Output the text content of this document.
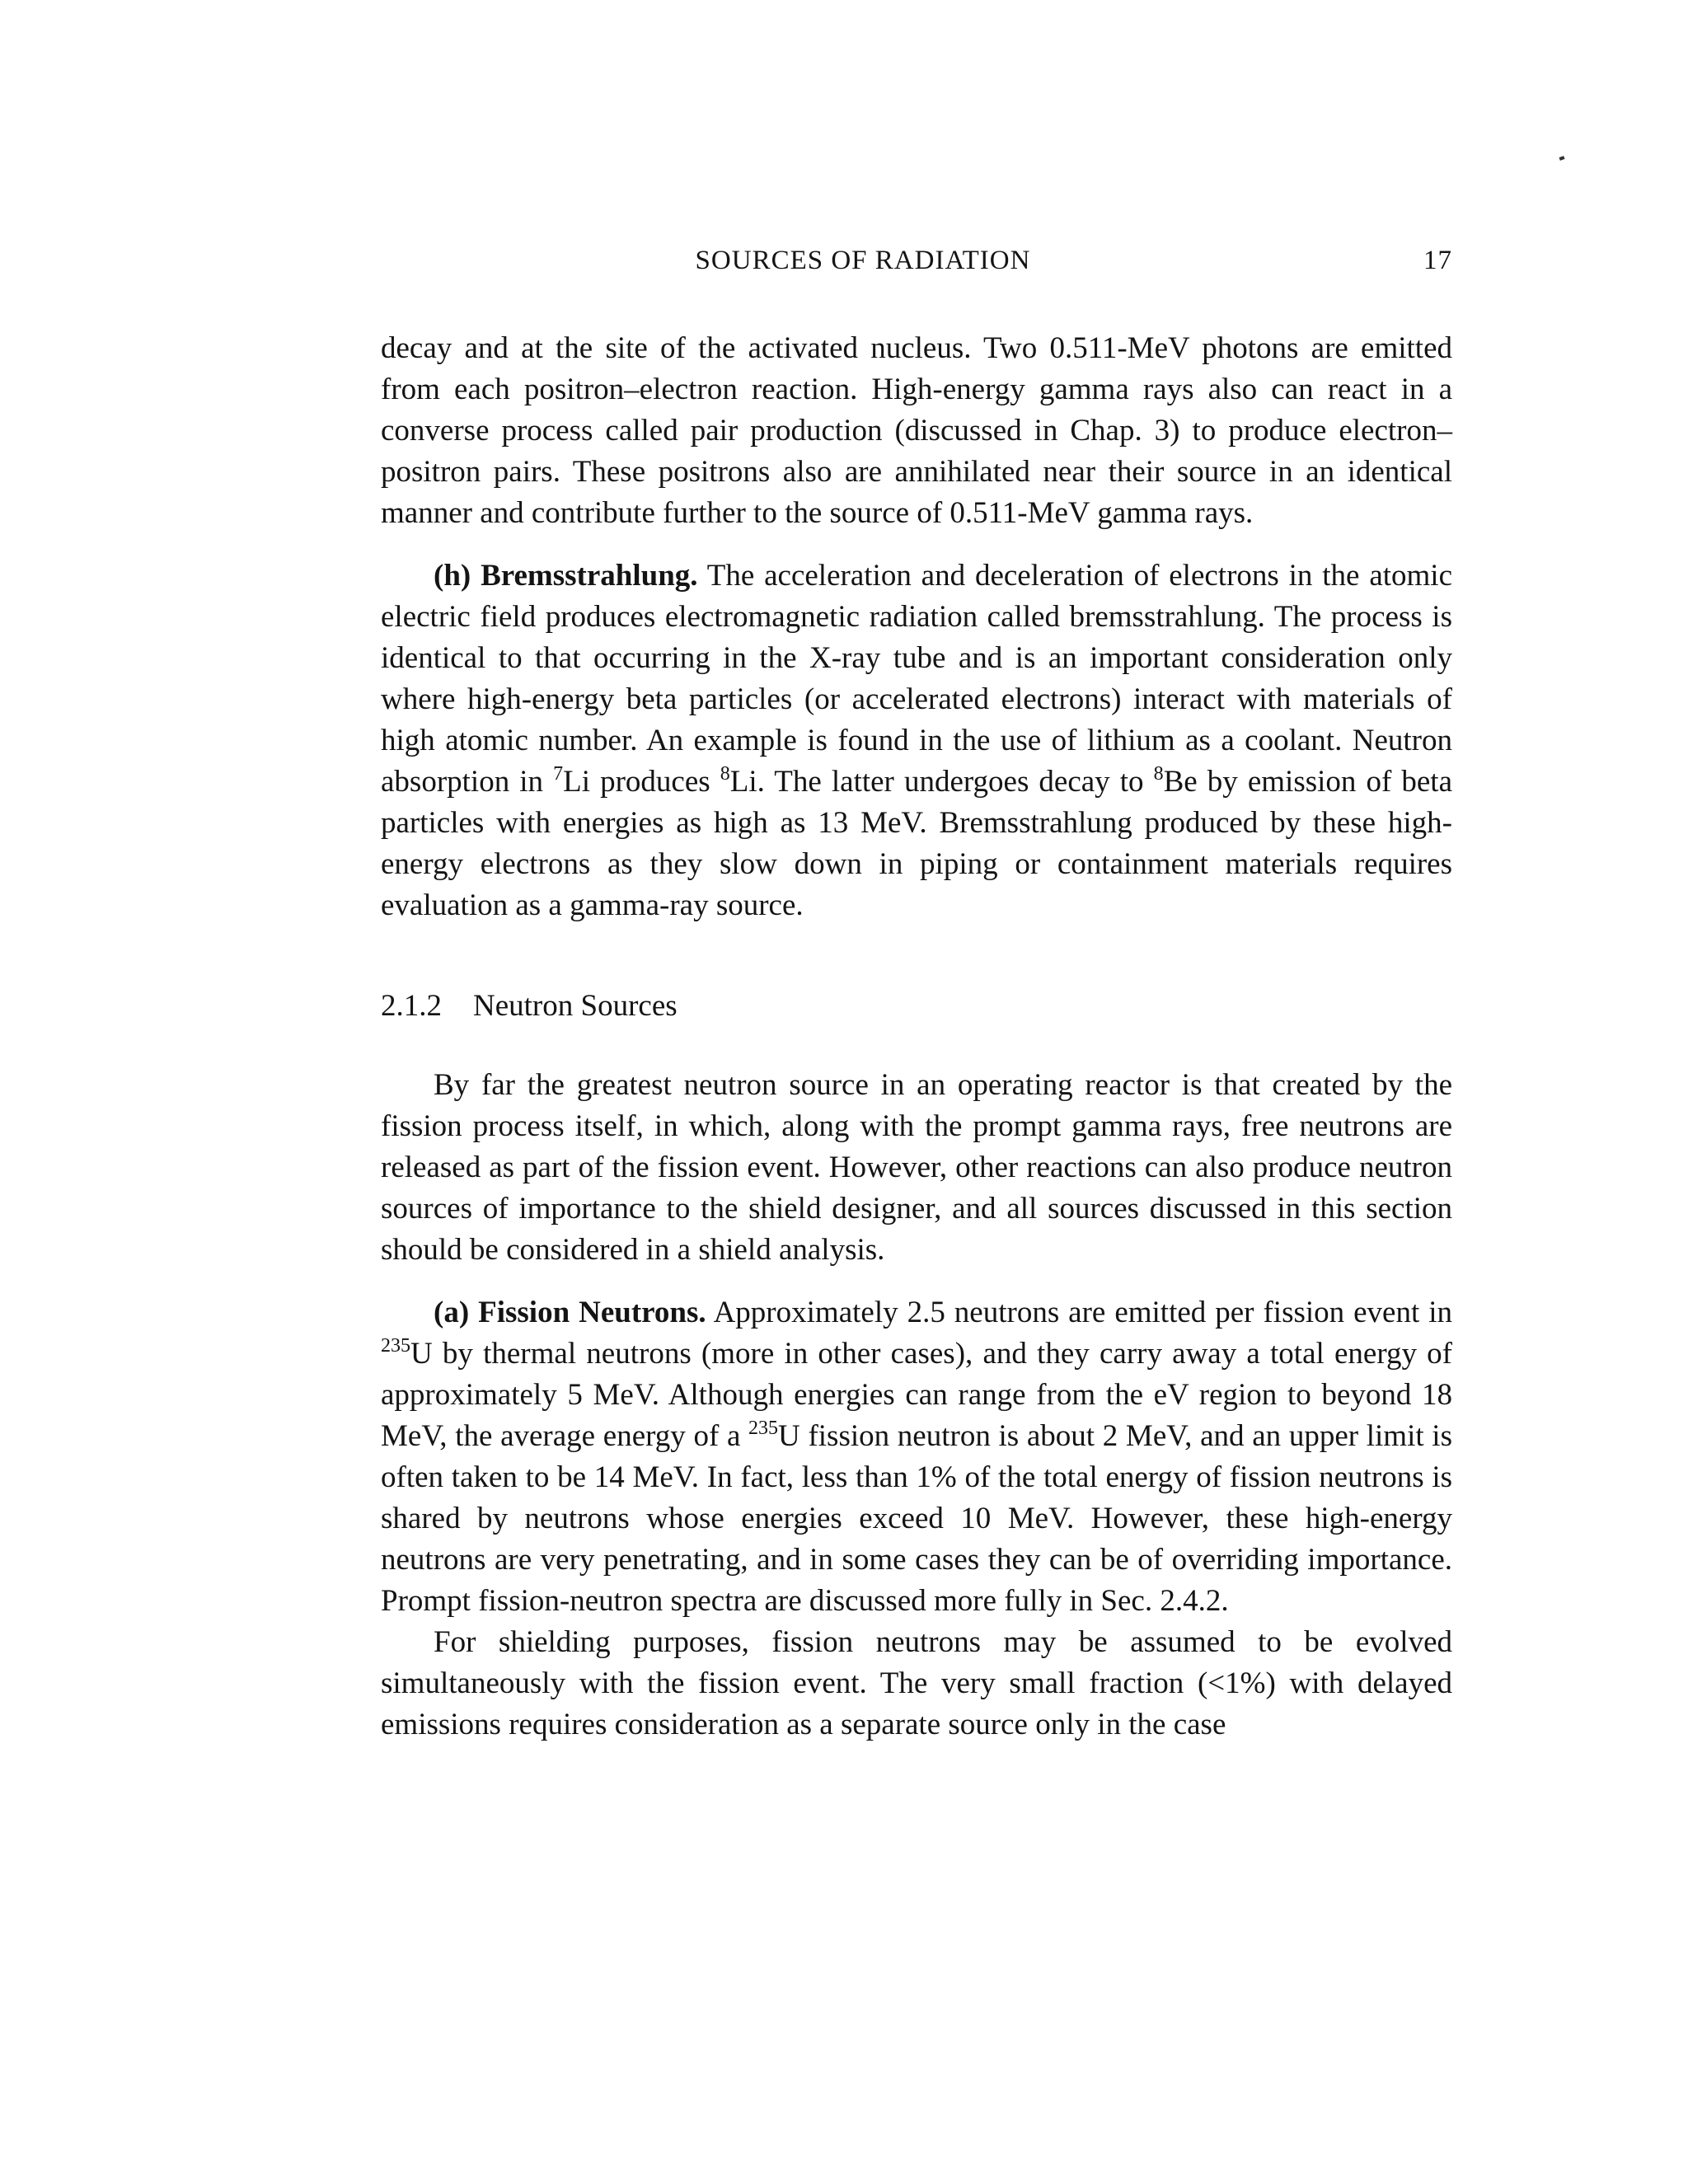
SOURCES OF RADIATION	17

decay and at the site of the activated nucleus. Two 0.511-MeV photons are emitted from each positron–electron reaction. High-energy gamma rays also can react in a converse process called pair production (discussed in Chap. 3) to produce electron–positron pairs. These positrons also are annihilated near their source in an identical manner and contribute further to the source of 0.511-MeV gamma rays.

(h) Bremsstrahlung. The acceleration and deceleration of electrons in the atomic electric field produces electromagnetic radiation called bremsstrahlung. The process is identical to that occurring in the X-ray tube and is an important consideration only where high-energy beta particles (or accelerated electrons) interact with materials of high atomic number. An example is found in the use of lithium as a coolant. Neutron absorption in $^7$Li produces $^8$Li. The latter undergoes decay to $^8$Be by emission of beta particles with energies as high as 13 MeV. Bremsstrahlung produced by these high-energy electrons as they slow down in piping or containment materials requires evaluation as a gamma-ray source.

2.1.2 Neutron Sources

By far the greatest neutron source in an operating reactor is that created by the fission process itself, in which, along with the prompt gamma rays, free neutrons are released as part of the fission event. However, other reactions can also produce neutron sources of importance to the shield designer, and all sources discussed in this section should be considered in a shield analysis.

(a) Fission Neutrons. Approximately 2.5 neutrons are emitted per fission event in $^{235}$U by thermal neutrons (more in other cases), and they carry away a total energy of approximately 5 MeV. Although energies can range from the eV region to beyond 18 MeV, the average energy of a $^{235}$U fission neutron is about 2 MeV, and an upper limit is often taken to be 14 MeV. In fact, less than 1% of the total energy of fission neutrons is shared by neutrons whose energies exceed 10 MeV. However, these high-energy neutrons are very penetrating, and in some cases they can be of overriding importance. Prompt fission-neutron spectra are discussed more fully in Sec. 2.4.2.

For shielding purposes, fission neutrons may be assumed to be evolved simultaneously with the fission event. The very small fraction (<1%) with delayed emissions requires consideration as a separate source only in the case
